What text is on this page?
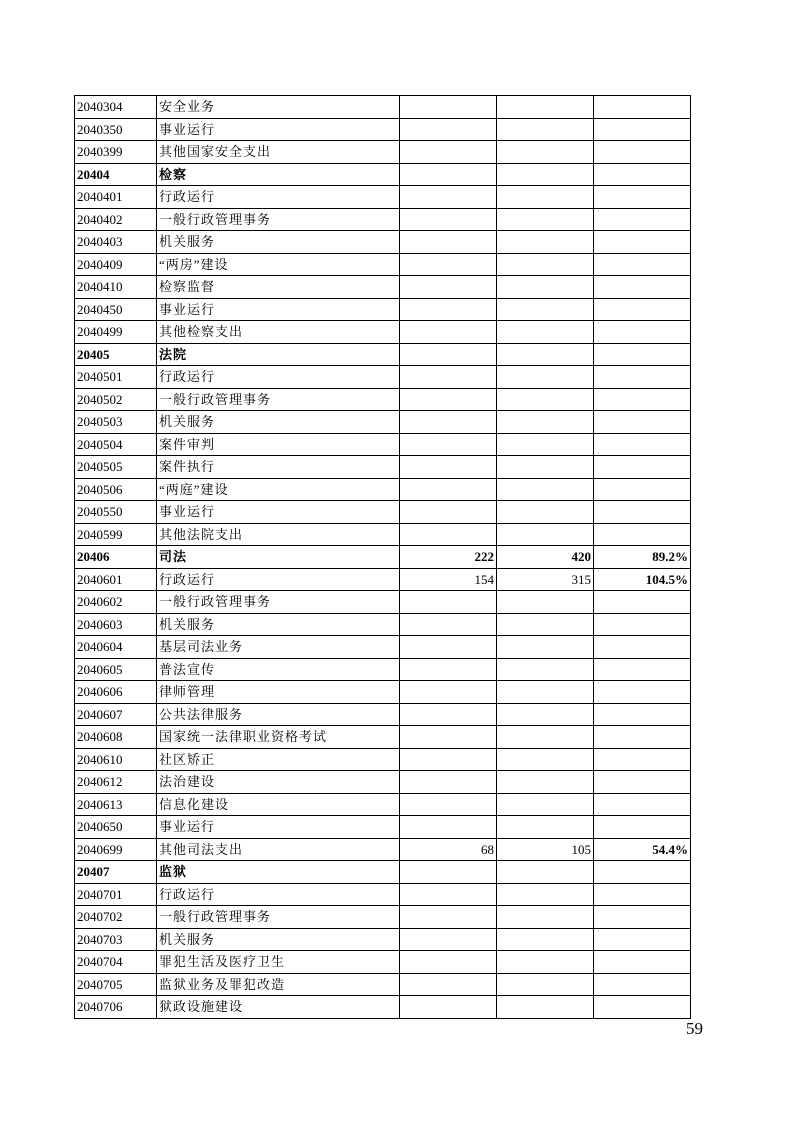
2040304	安全业务			
2040350	事业运行			
2040399	其他国家安全支出			
20404	检察			
2040401	行政运行			
2040402	一般行政管理事务			
2040403	机关服务			
2040409	“两房”建设			
2040410	检察监督			
2040450	事业运行			
2040499	其他检察支出			
20405	法院			
2040501	行政运行			
2040502	一般行政管理事务			
2040503	机关服务			
2040504	案件审判			
2040505	案件执行			
2040506	“两庭”建设			
2040550	事业运行			
2040599	其他法院支出			
20406	司法	222	420	89.2%
2040601	行政运行	154	315	104.5%
2040602	一般行政管理事务			
2040603	机关服务			
2040604	基层司法业务			
2040605	普法宣传			
2040606	律师管理			
2040607	公共法律服务			
2040608	国家统一法律职业资格考试			
2040610	社区矫正			
2040612	法治建设			
2040613	信息化建设			
2040650	事业运行			
2040699	其他司法支出	68	105	54.4%
20407	监狱			
2040701	行政运行			
2040702	一般行政管理事务			
2040703	机关服务			
2040704	罪犯生活及医疗卫生			
2040705	监狱业务及罪犯改造			
2040706	狱政设施建设			
59
